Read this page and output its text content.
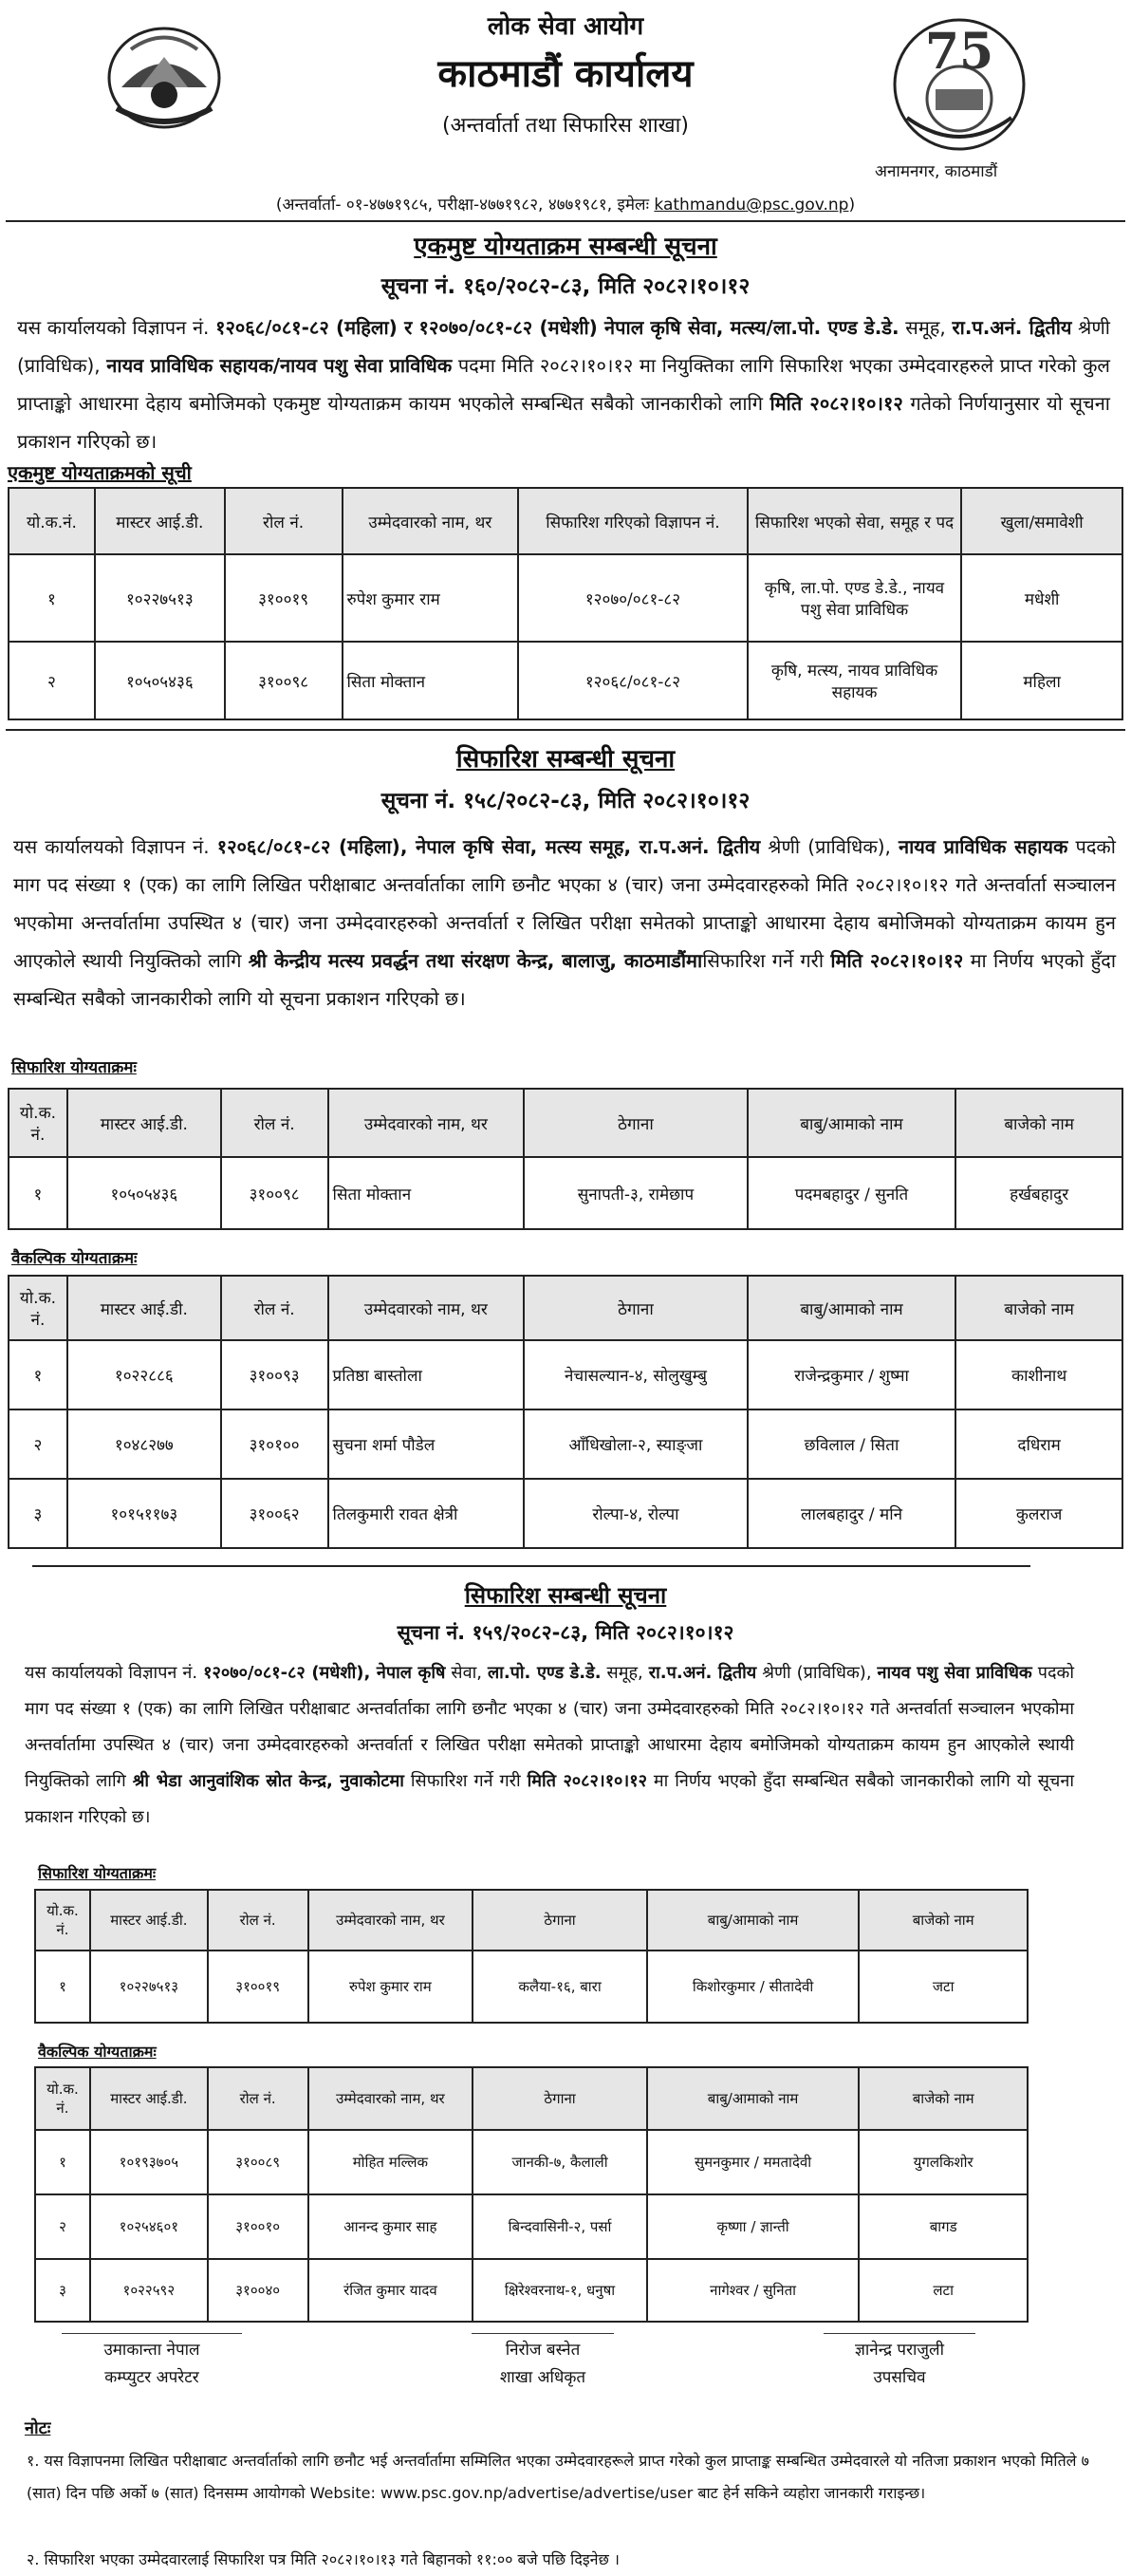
लोक सेवा आयोग
काठमाडौं कार्यालय
(अन्तर्वार्ता तथा सिफारिस शाखा)
75
अनामनगर, काठमाडौं
(अन्तर्वार्ता- ०१-४७७१९८५, परीक्षा-४७७१९८२, ४७७१९८१, इमेलः kathmandu@psc.gov.np)
एकमुष्ट योग्यताक्रम सम्बन्धी सूचना
सूचना नं. १६०/२०८२-८३, मिति २०८२।१०।१२
यस कार्यालयको विज्ञापन नं. १२०६८/०८१-८२ (महिला) र १२०७०/०८१-८२ (मधेशी) नेपाल कृषि सेवा, मत्स्य/ला.पो. एण्ड डे.डे. समूह, रा.प.अनं. द्वितीय श्रेणी (प्राविधिक), नायव प्राविधिक सहायक/नायव पशु सेवा प्राविधिक पदमा मिति २०८२।१०।१२ मा नियुक्तिका लागि सिफारिश भएका उम्मेदवारहरुले प्राप्त गरेको कुल प्राप्ताङ्को आधारमा देहाय बमोजिमको एकमुष्ट योग्यताक्रम कायम भएकोले सम्बन्धित सबैको जानकारीको लागि मिति २०८२।१०।१२ गतेको निर्णयानुसार यो सूचना प्रकाशन गरिएको छ।
एकमुष्ट योग्यताक्रमको सूची
यो.क.नं.	मास्टर आई.डी.	रोल नं.	उम्मेदवारको नाम, थर	सिफारिश गरिएको विज्ञापन नं.	सिफारिश भएको सेवा, समूह र पद	खुला/समावेशी
१	१०२२७५१३	३१००१९	रुपेश कुमार राम	१२०७०/०८१-८२	कृषि, ला.पो. एण्ड डे.डे., नायव पशु सेवा प्राविधिक	मधेशी
२	१०५०५४३६	३१००९८	सिता मोक्तान	१२०६८/०८१-८२	कृषि, मत्स्य, नायव प्राविधिक सहायक	महिला
सिफारिश सम्बन्धी सूचना
सूचना नं. १५८/२०८२-८३, मिति २०८२।१०।१२
यस कार्यालयको विज्ञापन नं. १२०६८/०८१-८२ (महिला), नेपाल कृषि सेवा, मत्स्य समूह, रा.प.अनं. द्वितीय श्रेणी (प्राविधिक), नायव प्राविधिक सहायक पदको माग पद संख्या १ (एक) का लागि लिखित परीक्षाबाट अन्तर्वार्ताका लागि छनौट भएका ४ (चार) जना उम्मेदवारहरुको मिति २०८२।१०।१२ गते अन्तर्वार्ता सञ्चालन भएकोमा अन्तर्वार्तामा उपस्थित ४ (चार) जना उम्मेदवारहरुको अन्तर्वार्ता र लिखित परीक्षा समेतको प्राप्ताङ्को आधारमा देहाय बमोजिमको योग्यताक्रम कायम हुन आएकोले स्थायी नियुक्तिको लागि श्री केन्द्रीय मत्स्य प्रवर्द्धन तथा संरक्षण केन्द्र, बालाजु, काठमाडौंमासिफारिश गर्ने गरी मिति २०८२।१०।१२ मा निर्णय भएको हुँदा सम्बन्धित सबैको जानकारीको लागि यो सूचना प्रकाशन गरिएको छ।
सिफारिश योग्यताक्रमः
यो.क. नं.	मास्टर आई.डी.	रोल नं.	उम्मेदवारको नाम, थर	ठेगाना	बाबु/आमाको नाम	बाजेको नाम
१	१०५०५४३६	३१००९८	सिता मोक्तान	सुनापती-३, रामेछाप	पदमबहादुर / सुनति	हर्खबहादुर
वैकल्पिक योग्यताक्रमः
यो.क. नं.	मास्टर आई.डी.	रोल नं.	उम्मेदवारको नाम, थर	ठेगाना	बाबु/आमाको नाम	बाजेको नाम
१	१०२२८८६	३१००९३	प्रतिष्ठा बास्तोला	नेचासल्यान-४, सोलुखुम्बु	राजेन्द्रकुमार / शुष्मा	काशीनाथ
२	१०४८२७७	३१०१००	सुचना शर्मा पौडेल	आँधिखोला-२, स्याङ्जा	छविलाल / सिता	दधिराम
३	१०१५११७३	३१००६२	तिलकुमारी रावत क्षेत्री	रोल्पा-४, रोल्पा	लालबहादुर / मनि	कुलराज
सिफारिश सम्बन्धी सूचना
सूचना नं. १५९/२०८२-८३, मिति २०८२।१०।१२
यस कार्यालयको विज्ञापन नं. १२०७०/०८१-८२ (मधेशी), नेपाल कृषि सेवा, ला.पो. एण्ड डे.डे. समूह, रा.प.अनं. द्वितीय श्रेणी (प्राविधिक), नायव पशु सेवा प्राविधिक पदको माग पद संख्या १ (एक) का लागि लिखित परीक्षाबाट अन्तर्वार्ताका लागि छनौट भएका ४ (चार) जना उम्मेदवारहरुको मिति २०८२।१०।१२ गते अन्तर्वार्ता सञ्चालन भएकोमा अन्तर्वार्तामा उपस्थित ४ (चार) जना उम्मेदवारहरुको अन्तर्वार्ता र लिखित परीक्षा समेतको प्राप्ताङ्को आधारमा देहाय बमोजिमको योग्यताक्रम कायम हुन आएकोले स्थायी नियुक्तिको लागि श्री भेडा आनुवांशिक स्रोत केन्द्र, नुवाकोटमा सिफारिश गर्ने गरी मिति २०८२।१०।१२ मा निर्णय भएको हुँदा सम्बन्धित सबैको जानकारीको लागि यो सूचना प्रकाशन गरिएको छ।
सिफारिश योग्यताक्रमः
यो.क. नं.	मास्टर आई.डी.	रोल नं.	उम्मेदवारको नाम, थर	ठेगाना	बाबु/आमाको नाम	बाजेको नाम
१	१०२२७५१३	३१००१९	रुपेश कुमार राम	कलैया-१६, बारा	किशोरकुमार / सीतादेवी	जटा
वैकल्पिक योग्यताक्रमः
यो.क. नं.	मास्टर आई.डी.	रोल नं.	उम्मेदवारको नाम, थर	ठेगाना	बाबु/आमाको नाम	बाजेको नाम
१	१०१९३७०५	३१००८९	मोहित मल्लिक	जानकी-७, कैलाली	सुमनकुमार / ममतादेवी	युगलकिशोर
२	१०२५४६०१	३१००१०	आनन्द कुमार साह	बिन्दवासिनी-२, पर्सा	कृष्णा / ज्ञान्ती	बागड
३	१०२२५९२	३१००४०	रंजित कुमार यादव	क्षिरेश्वरनाथ-१, धनुषा	नागेश्वर / सुनिता	लटा
उमाकान्ता नेपाल
कम्प्युटर अपरेटर
निरोज बस्नेत
शाखा अधिकृत
ज्ञानेन्द्र पराजुली
उपसचिव
नोटः
१. यस विज्ञापनमा लिखित परीक्षाबाट अन्तर्वार्ताको लागि छनौट भई अन्तर्वार्तामा सम्मिलित भएका उम्मेदवारहरूले प्राप्त गरेको कुल प्राप्ताङ्क सम्बन्धित उम्मेदवारले यो नतिजा प्रकाशन भएको मितिले ७ (सात) दिन पछि अर्को ७ (सात) दिनसम्म आयोगको Website: www.psc.gov.np/advertise/advertise/user बाट हेर्न सकिने व्यहोरा जानकारी गराइन्छ।
२. सिफारिश भएका उम्मेदवारलाई सिफारिश पत्र मिति २०८२।१०।१३ गते बिहानको ११:०० बजे पछि दिइनेछ ।
